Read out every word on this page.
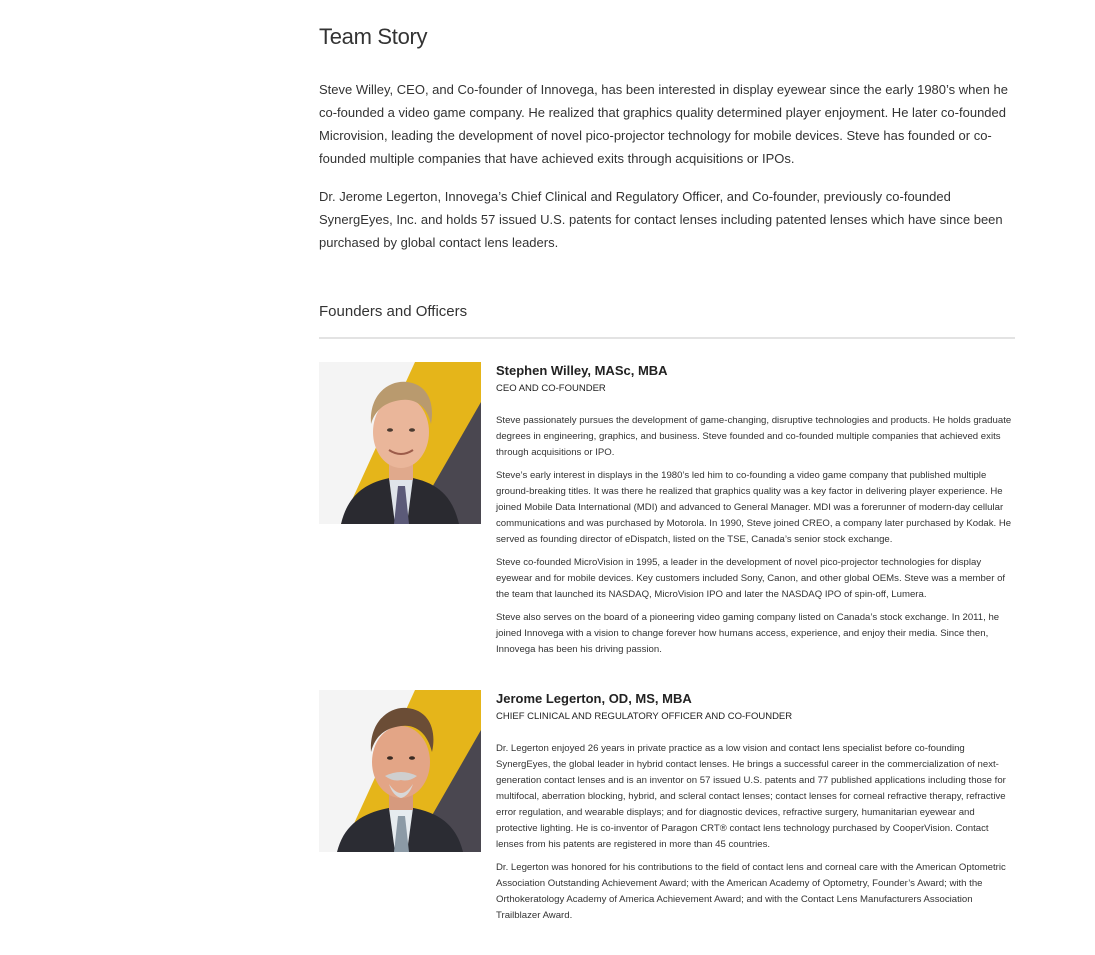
Team Story

Steve Willey, CEO, and Co-founder of Innovega, has been interested in display eyewear since the early 1980’s when he co-founded a video game company. He realized that graphics quality determined player enjoyment. He later co-founded Microvision, leading the development of novel pico-projector technology for mobile devices. Steve has founded or co-founded multiple companies that have achieved exits through acquisitions or IPOs.

Dr. Jerome Legerton, Innovega’s Chief Clinical and Regulatory Officer, and Co-founder, previously co-founded SynergEyes, Inc. and holds 57 issued U.S. patents for contact lenses including patented lenses which have since been purchased by global contact lens leaders.

Founders and Officers

Stephen Willey, MASc, MBA

CEO AND CO-FOUNDER

Steve passionately pursues the development of game-changing, disruptive technologies and products. He holds graduate degrees in engineering, graphics, and business. Steve founded and co-founded multiple companies that achieved exits through acquisitions or IPO.

Steve’s early interest in displays in the 1980’s led him to co-founding a video game company that published multiple ground-breaking titles. It was there he realized that graphics quality was a key factor in delivering player experience. He joined Mobile Data International (MDI) and advanced to General Manager. MDI was a forerunner of modern-day cellular communications and was purchased by Motorola. In 1990, Steve joined CREO, a company later purchased by Kodak. He served as founding director of eDispatch, listed on the TSE, Canada’s senior stock exchange.

Steve co-founded MicroVision in 1995, a leader in the development of novel pico-projector technologies for display eyewear and for mobile devices. Key customers included Sony, Canon, and other global OEMs. Steve was a member of the team that launched its NASDAQ, MicroVision IPO and later the NASDAQ IPO of spin-off, Lumera.

Steve also serves on the board of a pioneering video gaming company listed on Canada’s stock exchange. In 2011, he joined Innovega with a vision to change forever how humans access, experience, and enjoy their media. Since then, Innovega has been his driving passion.

Jerome Legerton, OD, MS, MBA

CHIEF CLINICAL AND REGULATORY OFFICER AND CO-FOUNDER

Dr. Legerton enjoyed 26 years in private practice as a low vision and contact lens specialist before co-founding SynergEyes, the global leader in hybrid contact lenses. He brings a successful career in the commercialization of next-generation contact lenses and is an inventor on 57 issued U.S. patents and 77 published applications including those for multifocal, aberration blocking, hybrid, and scleral contact lenses; contact lenses for corneal refractive therapy, refractive error regulation, and wearable displays; and for diagnostic devices, refractive surgery, humanitarian eyewear and protective lighting. He is co-inventor of Paragon CRT® contact lens technology purchased by CooperVision. Contact lenses from his patents are registered in more than 45 countries.

Dr. Legerton was honored for his contributions to the field of contact lens and corneal care with the American Optometric Association Outstanding Achievement Award; with the American Academy of Optometry, Founder’s Award; with the Orthokeratology Academy of America Achievement Award; and with the Contact Lens Manufacturers Association Trailblazer Award.
